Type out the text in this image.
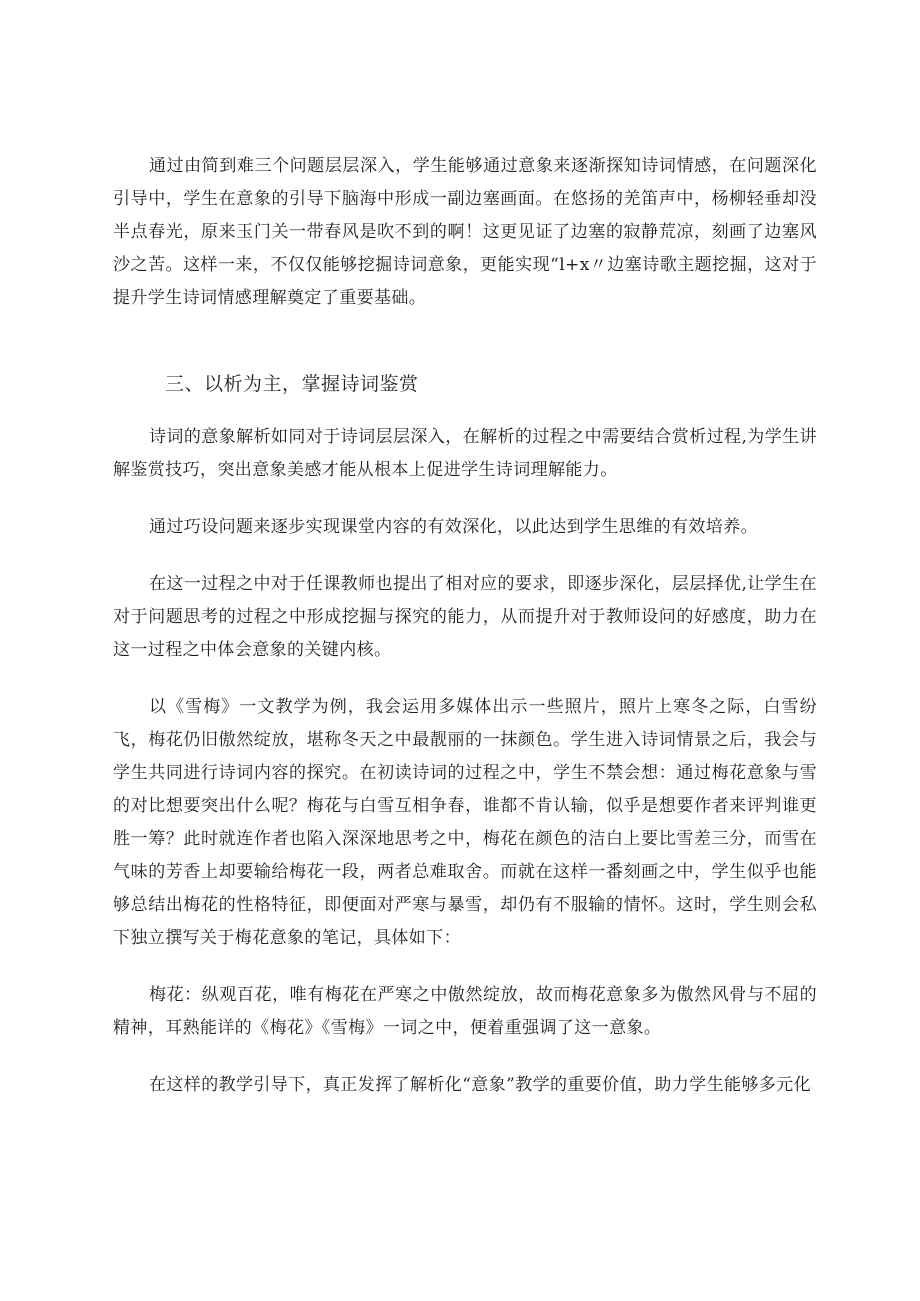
通过由简到难三个问题层层深入，学生能够通过意象来逐渐探知诗词情感，在问题深化引导中，学生在意象的引导下脑海中形成一副边塞画面。在悠扬的羌笛声中，杨柳轻垂却没半点春光，原来玉门关一带春风是吹不到的啊！这更见证了边塞的寂静荒凉，刻画了边塞风沙之苦。这样一来，不仅仅能够挖掘诗词意象，更能实现“l+x〃边塞诗歌主题挖掘，这对于提升学生诗词情感理解奠定了重要基础。

三、以析为主，掌握诗词鉴赏

诗词的意象解析如同对于诗词层层深入，在解析的过程之中需要结合赏析过程,为学生讲解鉴赏技巧，突出意象美感才能从根本上促进学生诗词理解能力。

通过巧设问题来逐步实现课堂内容的有效深化，以此达到学生思维的有效培养。

在这一过程之中对于任课教师也提出了相对应的要求，即逐步深化，层层择优,让学生在对于问题思考的过程之中形成挖掘与探究的能力，从而提升对于教师设问的好感度，助力在这一过程之中体会意象的关键内核。

以《雪梅》一文教学为例，我会运用多媒体出示一些照片，照片上寒冬之际，白雪纷飞，梅花仍旧傲然绽放，堪称冬天之中最靓丽的一抹颜色。学生进入诗词情景之后，我会与学生共同进行诗词内容的探究。在初读诗词的过程之中，学生不禁会想：通过梅花意象与雪的对比想要突出什么呢？梅花与白雪互相争春，谁都不肯认输，似乎是想要作者来评判谁更胜一筹？此时就连作者也陷入深深地思考之中，梅花在颜色的洁白上要比雪差三分，而雪在气味的芳香上却要输给梅花一段，两者总难取舍。而就在这样一番刻画之中，学生似乎也能够总结出梅花的性格特征，即便面对严寒与暴雪，却仍有不服输的情怀。这时，学生则会私下独立撰写关于梅花意象的笔记，具体如下：

梅花：纵观百花，唯有梅花在严寒之中傲然绽放，故而梅花意象多为傲然风骨与不屈的精神，耳熟能详的《梅花》《雪梅》一词之中，便着重强调了这一意象。

在这样的教学引导下，真正发挥了解析化“意象”教学的重要价值，助力学生能够多元化
